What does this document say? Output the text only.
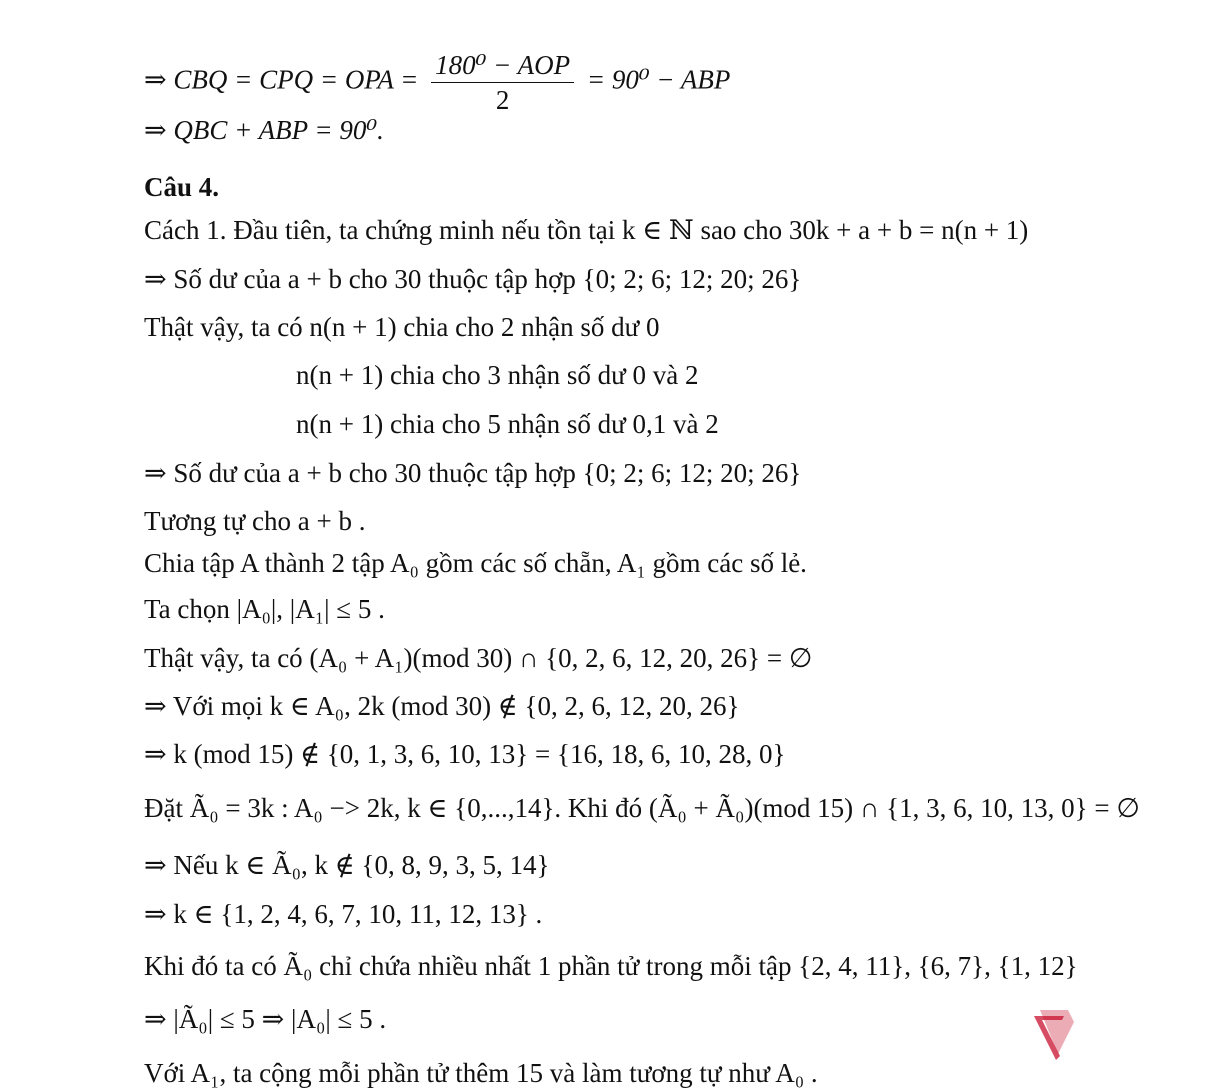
⇒ CBQ = CPQ = OPA = $\frac{\text{180⁰ − AOP}}{2} = 90^0$ − ABP
⇒ QBC + ABP = 90⁰.
Câu 4.
Cách 1. Đầu tiên, ta chứng minh nếu tồn tại k ∈ ℕ sao cho 30k + a + b = n(n + 1)
⇒ Số dư của a + b cho 30 thuộc tập hợp {0; 2; 6; 12; 20; 26}
Thật vậy, ta có n(n + 1) chia cho 2 nhận số dư 0
n(n + 1) chia cho 3 nhận số dư 0 và 2
n(n + 1) chia cho 5 nhận số dư 0,1 và 2
⇒ Số dư của a + b cho 30 thuộc tập hợp {0; 2; 6; 12; 20; 26}
Tương tự cho a + b .
Chia tập A thành 2 tập A₀ gồm các số chẵn, A₁ gồm các số lẻ.
Ta chọn |A₀|, |A₁| ≤ 5 .
Thật vậy, ta có (A₀ + A₁)(mod 30) ∩ {0, 2, 6, 12, 20, 26} = ∅
⇒ Với mọi k ∈ A₀, 2k (mod 30) ∉ {0, 2, 6, 12, 20, 26}
⇒ k (mod 15) ∉ {0, 1, 3, 6, 10, 13} = {16, 18, 6, 10, 28, 0}
Đặt Ã₀ = 3k : A₀ −> 2k, k ∈ {0,...,14}. Khi đó (Ã₀ + Ã₀)(mod 15) ∩ {1, 3, 6, 10, 13, 0} = ∅
⇒ Nếu k ∈ Ã₀, k ∉ {0, 8, 9, 3, 5, 14}
⇒ k ∈ {1, 2, 4, 6, 7, 10, 11, 12, 13} .
Khi đó ta có Ã₀ chỉ chứa nhiều nhất 1 phần tử trong mỗi tập {2, 4, 11}, {6, 7}, {1, 12}
⇒ |Ã₀| ≤ 5 ⇒ |A₀| ≤ 5 .
Với A₁, ta cộng mỗi phần tử thêm 15 và làm tương tự như A₀ .
